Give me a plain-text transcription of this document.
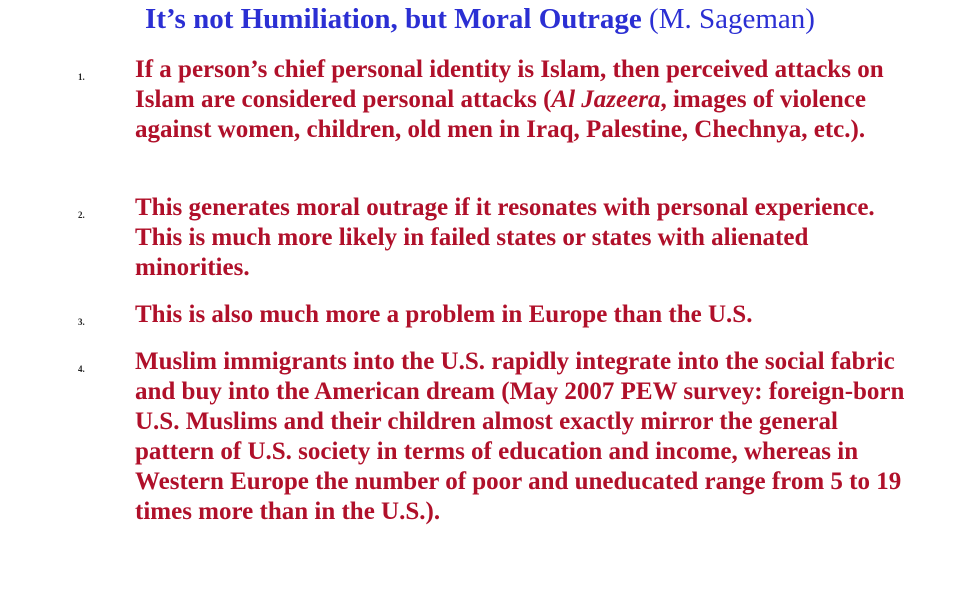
It’s not Humiliation, but Moral Outrage (M. Sageman)
1. If a person’s chief personal identity is Islam, then perceived attacks on Islam are considered personal attacks (Al Jazeera, images of violence against women, children, old men in Iraq, Palestine, Chechnya, etc.).
2. This generates moral outrage if it resonates with personal experience. This is much more likely in failed states or states with alienated minorities.
3. This is also much more a problem in Europe than the U.S.
4. Muslim immigrants into the U.S. rapidly integrate into the social fabric and buy into the American dream (May 2007 PEW survey: foreign-born U.S. Muslims and their children almost exactly mirror the general pattern of U.S. society in terms of education and income, whereas in Western Europe the number of poor and uneducated range from 5 to 19 times more than in the U.S.).
